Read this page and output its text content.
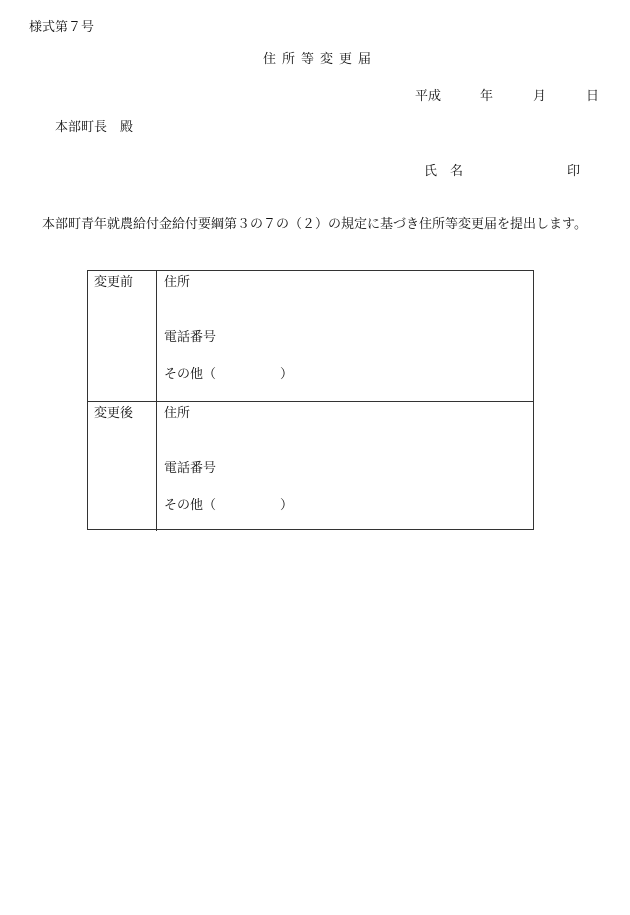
様式第７号
住所等変更届
平成	年	月	日
本部町長　殿
氏　名	印
本部町青年就農給付金給付要綱第３の７の（２）の規定に基づき住所等変更届を提出します。
変更前 住所
電話番号
その他（	）
変更後 住所
電話番号
その他（	）
